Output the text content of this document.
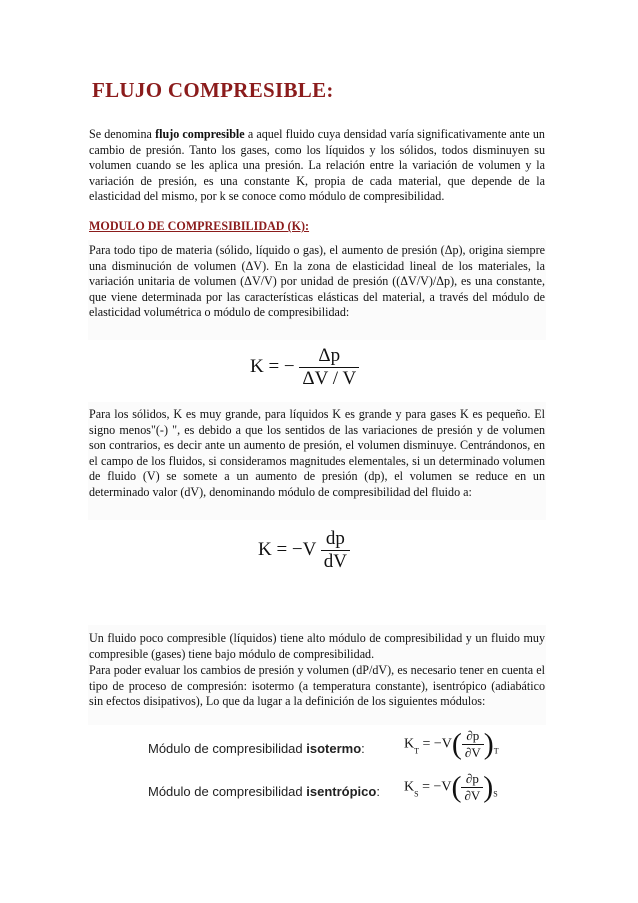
FLUJO COMPRESIBLE:

Se denomina flujo compresible a aquel fluido cuya densidad varía significativamente ante un cambio de presión. Tanto los gases, como los líquidos y los sólidos, todos disminuyen su volumen cuando se les aplica una presión. La relación entre la variación de volumen y la variación de presión, es una constante K, propia de cada material, que depende de la elasticidad del mismo, por k se conoce como módulo de compresibilidad.

MODULO DE COMPRESIBILIDAD (K):

Para todo tipo de materia (sólido, líquido o gas), el aumento de presión (Δp), origina siempre una disminución de volumen (ΔV). En la zona de elasticidad lineal de los materiales, la variación unitaria de volumen (ΔV/V) por unidad de presión ((ΔV/V)/Δp), es una constante, que viene determinada por las características elásticas del material, a través del módulo de elasticidad volumétrica o módulo de compresibilidad:

K = − $\frac{\Delta p}{\Delta V / V}$

Para los sólidos, K es muy grande, para líquidos K es grande y para gases K es pequeño. El signo menos"(-) ", es debido a que los sentidos de las variaciones de presión y de volumen son contrarios, es decir ante un aumento de presión, el volumen disminuye. Centrándonos, en el campo de los fluidos, si consideramos magnitudes elementales, si un determinado volumen de fluido (V) se somete a un aumento de presión (dp), el volumen se reduce en un determinado valor (dV), denominando módulo de compresibilidad del fluido a:

$K = -V \frac{dp}{dV}$

Un fluido poco compresible (líquidos) tiene alto módulo de compresibilidad y un fluido muy compresible (gases) tiene bajo módulo de compresibilidad.

Para poder evaluar los cambios de presión y volumen (dP/dV), es necesario tener en cuenta el tipo de proceso de compresión: isotermo (a temperatura constante), isentrópico (adiabático sin efectos disipativos), Lo que da lugar a la definición de los siguientes módulos:

Módulo de compresibilidad isotermo:	$K_T = -V( \frac{\partial p}{\partial V} )_T$
Módulo de compresibilidad isentrópico: $K_S = -V( \frac{\partial p}{\partial V} )_S$
